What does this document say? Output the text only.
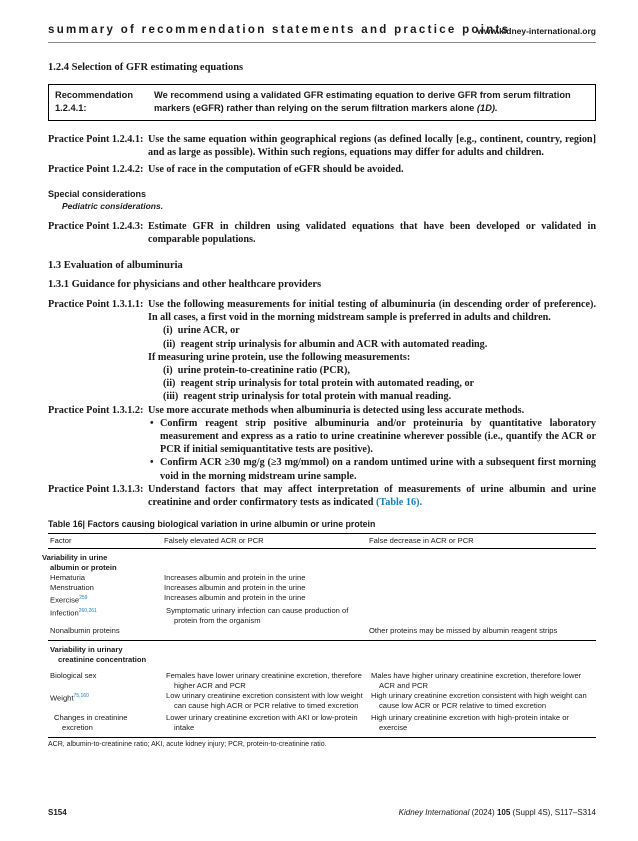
summary of recommendation statements and practice points
www.kidney-international.org
1.2.4 Selection of GFR estimating equations
Recommendation 1.2.4.1:
We recommend using a validated GFR estimating equation to derive GFR from serum filtration markers (eGFR) rather than relying on the serum filtration markers alone (1D).
Practice Point 1.2.4.1: Use the same equation within geographical regions (as defined locally [e.g., continent, country, region] and as large as possible). Within such regions, equations may differ for adults and children.
Practice Point 1.2.4.2: Use of race in the computation of eGFR should be avoided.
Special considerations
Pediatric considerations.
Practice Point 1.2.4.3: Estimate GFR in children using validated equations that have been developed or validated in comparable populations.
1.3 Evaluation of albuminuria
1.3.1 Guidance for physicians and other healthcare providers
Practice Point 1.3.1.1: Use the following measurements for initial testing of albuminuria (in descending order of preference). In all cases, a first void in the morning midstream sample is preferred in adults and children.
(i) urine ACR, or
(ii) reagent strip urinalysis for albumin and ACR with automated reading.
If measuring urine protein, use the following measurements:
(i) urine protein-to-creatinine ratio (PCR),
(ii) reagent strip urinalysis for total protein with automated reading, or
(iii) reagent strip urinalysis for total protein with manual reading.
Practice Point 1.3.1.2: Use more accurate methods when albuminuria is detected using less accurate methods.
• Confirm reagent strip positive albuminuria and/or proteinuria by quantitative laboratory measurement and express as a ratio to urine creatinine wherever possible (i.e., quantify the ACR or PCR if initial semiquantitative tests are positive).
• Confirm ACR ≥30 mg/g (≥3 mg/mmol) on a random untimed urine with a subsequent first morning void in the morning midstream urine sample.
Practice Point 1.3.1.3: Understand factors that may affect interpretation of measurements of urine albumin and urine creatinine and order confirmatory tests as indicated (Table 16).
Table 16| Factors causing biological variation in urine albumin or urine protein
Factor	Falsely elevated ACR or PCR	False decrease in ACR or PCR
Variability in urine albumin or protein		
Hematuria	Increases albumin and protein in the urine	
Menstruation	Increases albumin and protein in the urine	
Exercise$^{259}$	Increases albumin and protein in the urine	
Infection$^{260,261}$	Symptomatic urinary infection can cause production of protein from the organism	
Nonalbumin proteins		Other proteins may be missed by albumin reagent strips
Variability in urinary creatinine concentration		
Biological sex	Females have lower urinary creatinine excretion, therefore higher ACR and PCR	Males have higher urinary creatinine excretion, therefore lower ACR and PCR
Weight$^{75,160}$	Low urinary creatinine excretion consistent with low weight can cause high ACR or PCR relative to timed excretion	High urinary creatinine excretion consistent with high weight can cause low ACR or PCR relative to timed excretion
Changes in creatinine excretion	Lower urinary creatinine excretion with AKI or low-protein intake	High urinary creatinine excretion with high-protein intake or exercise
ACR, albumin-to-creatinine ratio; AKI, acute kidney injury; PCR, protein-to-creatinine ratio.
S154	Kidney International (2024) 105 (Suppl 4S), S117–S314
